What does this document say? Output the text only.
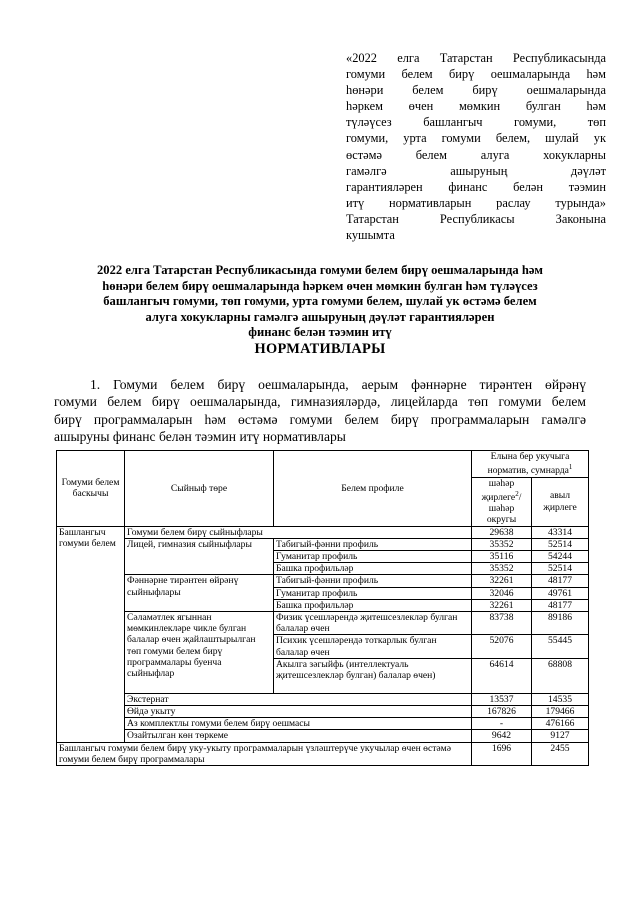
«2022 елга Татарстан Республикасында
гомуми белем бирү оешмаларында һәм
һөнәри белем бирү оешмаларында
һәркем өчен мөмкин булган һәм
түләүсез башлангыч гомуми, төп
гомуми, урта гомуми белем, шулай ук
өстәмә белем алуга хокукларны
гамәлгә ашыруның дәүләт
гарантияләрен финанс белән тәэмин
итү нормативларын раслау турында»
Татарстан Республикасы Законына
кушымта
2022 елга Татарстан Республикасында гомуми белем бирү оешмаларында һәм
һөнәри белем бирү оешмаларында һәркем өчен мөмкин булган һәм түләүсез
башлангыч гомуми, төп гомуми, урта гомуми белем, шулай ук өстәмә белем
алуга хокукларны гамәлгә ашыруның дәүләт гарантияләрен
финанс белән тәэмин итү
НОРМАТИВЛАРЫ
1. Гомуми белем бирү оешмаларында, аерым фәннәрне тирәнтен өйрәнү
гомуми белем бирү оешмаларында, гимназияләрдә, лицейларда төп гомуми белем
бирү программаларын һәм өстәмә гомуми белем бирү программаларын гамәлгә
ашыруны финанс белән тәэмин итү нормативлары
Гомуми белем баскычы	Сыйныф төре	Белем профиле	Елына бер укучыга норматив, сумнарда$^1$
			шәһәр җирлеге$^2$/ шәһәр округы	авыл җирлеге
Башлангыч гомуми белем	Гомуми белем бирү сыйныфлары		29638	43314
	Лицей, гимназия сыйныфлары	Табигый-фәнни профиль	35352	52514
		Гуманитар профиль	35116	54244
		Башка профильләр	35352	52514
	Фәннәрне тирәнтен өйрәнү сыйныфлары	Табигый-фәнни профиль	32261	48177
		Гуманитар профиль	32046	49761
		Башка профильләр	32261	48177
	Сәламәтлек ягыннан мөмкинлекләре чикле булган балалар өчен җайлаштырылган төп гомуми белем бирү программалары буенча сыйныфлар	Физик үсешләрендә җитешсезлекләр булган балалар өчен	83738	89186
		Психик үсешләрендә тоткарлык булган балалар өчен	52076	55445
		Акылга зәгыйфь (интеллектуаль җитешсезлекләр булган) балалар өчен)	64614	68808
	Экстернат		13537	14535
	Өйдә укыту		167826	179466
	Аз комплектлы гомуми белем бирү оешмасы		-	476166
	Озайтылган көн төркеме		9642	9127
Башлангыч гомуми белем бирү уку-укыту программаларын үзләштерүче укучылар өчен өстәмә гомуми белем бирү программалары			1696	2455
